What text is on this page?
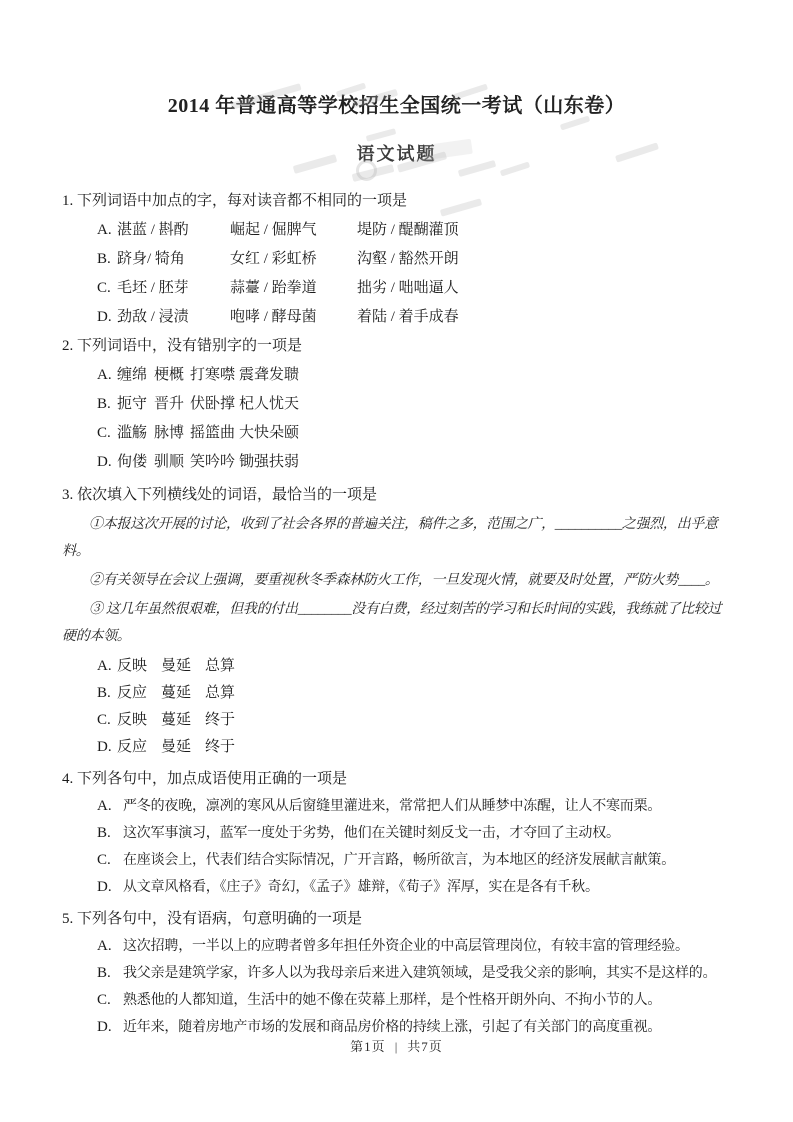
2014 年普通高等学校招生全国统一考试（山东卷）
语文试题

1. 下列词语中加点的字，每对读音都不相同的一项是

A. 湛蓝 / 斟酌	崛起 / 倔脾气	堤防 / 醍醐灌顶
B. 跻身/ 犄角	女红 / 彩虹桥	沟壑 / 豁然开朗
C. 毛坯 / 胚芽	蒜薹 / 跆拳道	拙劣 / 咄咄逼人
D. 劲敌 / 浸渍	咆哮 / 酵母菌	着陆 / 着手成春

2. 下列词语中，没有错别字的一项是

A. 缠绵 梗概 打寒噤 震聋发聩
B. 扼守 晋升 伏卧撑 杞人忧天
C. 滥觞 脉博 摇篮曲 大快朵颐
D. 佝偻 驯顺 笑吟吟 锄强扶弱

3. 依次填入下列横线处的词语，最恰当的一项是

①本报这次开展的讨论，收到了社会各界的普遍关注，稿件之多，范围之广，__________之强烈，出乎意料。

②有关领导在会议上强调，要重视秋冬季森林防火工作，一旦发现火情，就要及时处置，严防火势____。

③ 这几年虽然很艰难，但我的付出________没有白费，经过刻苦的学习和长时间的实践，我练就了比较过硬的本领。

A. 反映 曼延 总算
B. 反应 蔓延 总算
C. 反映 蔓延 终于
D. 反应 曼延 终于

4. 下列各句中，加点成语使用正确的一项是

A. 严冬的夜晚，凛冽的寒风从后窗缝里灌进来，常常把人们从睡梦中冻醒，让人不寒而栗。
B. 这次军事演习，蓝军一度处于劣势，他们在关键时刻反戈一击，才夺回了主动权。
C. 在座谈会上，代表们结合实际情况，广开言路，畅所欲言，为本地区的经济发展献言献策。
D. 从文章风格看，《庄子》奇幻，《孟子》雄辩，《荀子》浑厚，实在是各有千秋。

5. 下列各句中，没有语病，句意明确的一项是

A. 这次招聘，一半以上的应聘者曾多年担任外资企业的中高层管理岗位，有较丰富的管理经验。
B. 我父亲是建筑学家，许多人以为我母亲后来进入建筑领域，是受我父亲的影响，其实不是这样的。
C. 熟悉他的人都知道，生活中的她不像在荧幕上那样，是个性格开朗外向、不拘小节的人。
D. 近年来，随着房地产市场的发展和商品房价格的持续上涨，引起了有关部门的高度重视。
第1页 | 共7页
